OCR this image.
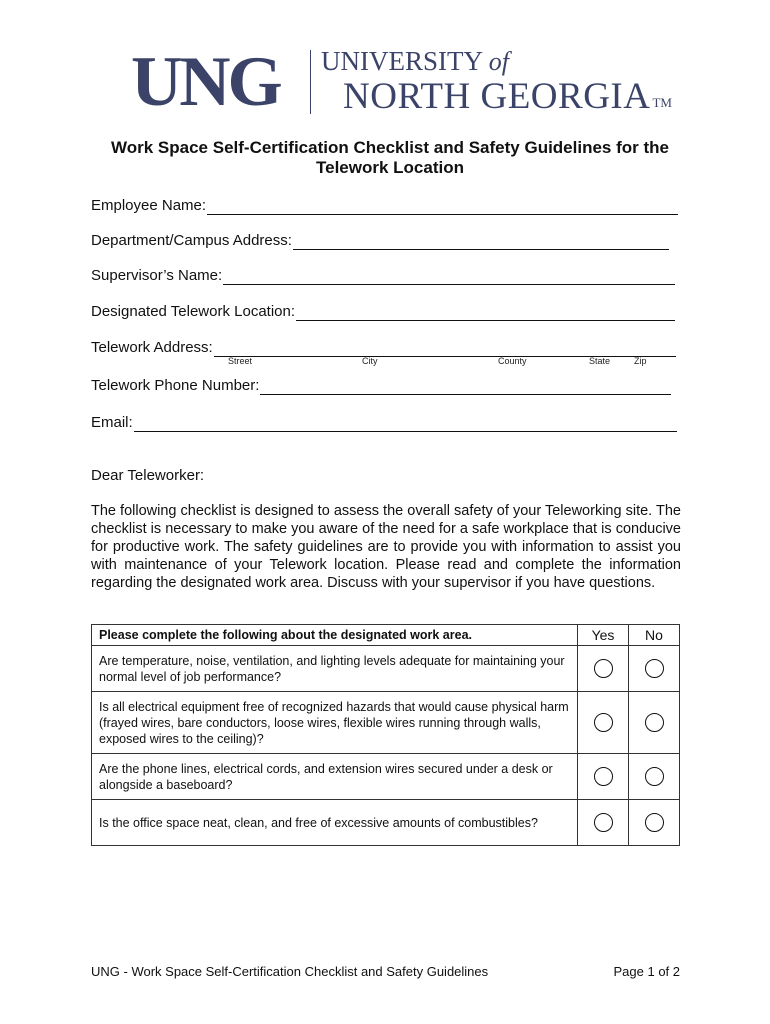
UNG UNIVERSITY of
NORTH GEORGIA ™
Work Space Self-Certification Checklist and Safety Guidelines for the
Telework Location
Employee Name:
Department/Campus Address:
Supervisor’s Name:
Designated Telework Location:
Telework Address:
Street	City	County	State	Zip
Telework Phone Number:
Email:
Dear Teleworker:
The following checklist is designed to assess the overall safety of your Teleworking site. The checklist is necessary to make you aware of the need for a safe workplace that is conducive for productive work. The safety guidelines are to provide you with information to assist you with maintenance of your Telework location. Please read and complete the information regarding the designated work area. Discuss with your supervisor if you have questions.
Please complete the following about the designated work area.	Yes	No
Are temperature, noise, ventilation, and lighting levels adequate for maintaining your normal level of job performance?		
Is all electrical equipment free of recognized hazards that would cause physical harm (frayed wires, bare conductors, loose wires, flexible wires running through walls, exposed wires to the ceiling)?		
Are the phone lines, electrical cords, and extension wires secured under a desk or alongside a baseboard?		
Is the office space neat, clean, and free of excessive amounts of combustibles?		
UNG - Work Space Self-Certification Checklist and Safety Guidelines	Page 1 of 2
